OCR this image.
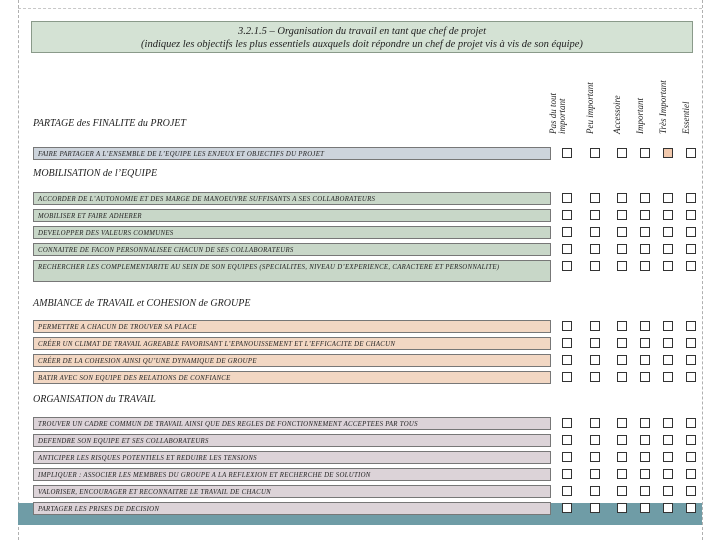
3.2.1.5 – Organisation du travail en tant que chef de projet
(indiquez les objectifs les plus essentiels auxquels doit répondre un chef de projet vis à vis de son équipe)
Pas du tout important Peu important Accessoire Important Très Important Essentiel
PARTAGE des FINALITE du PROJET
FAIRE PARTAGER A L’ENSEMBLE DE L’EQUIPE LES ENJEUX ET OBJECTIFS DU PROJET
MOBILISATION de l’EQUIPE
ACCORDER DE L’AUTONOMIE ET DES MARGE DE MANOEUVRE SUFFISANTS A SES COLLABORATEURS
MOBILISER ET FAIRE ADHERER
DEVELOPPER DES VALEURS COMMUNES
CONNAITRE DE FACON PERSONNALISEE CHACUN DE SES COLLABORATEURS
RECHERCHER LES COMPLEMENTARITE AU SEIN DE SON EQUIPES (SPECIALITES, NIVEAU D’EXPERIENCE, CARACTERE ET PERSONNALITE)
AMBIANCE de TRAVAIL et COHESION de GROUPE
PERMETTRE A CHACUN DE TROUVER SA PLACE
CRÉER UN CLIMAT DE TRAVAIL AGREABLE FAVORISANT L’EPANOUISSEMENT ET L’EFFICACITE DE CHACUN
CRÉER DE LA COHESION AINSI QU’UNE DYNAMIQUE DE GROUPE
BATIR AVEC SON EQUIPE DES RELATIONS DE CONFIANCE
ORGANISATION du TRAVAIL
TROUVER UN CADRE COMMUN DE TRAVAIL AINSI QUE DES REGLES DE FONCTIONNEMENT ACCEPTEES PAR TOUS
DEFENDRE SON EQUIPE ET SES COLLABORATEURS
ANTICIPER LES RISQUES POTENTIELS ET REDUIRE LES TENSIONS
IMPLIQUER : ASSOCIER LES MEMBRES DU GROUPE A LA REFLEXION ET RECHERCHE DE SOLUTION
VALORISER, ENCOURAGER ET RECONNAITRE LE TRAVAIL DE CHACUN
PARTAGER LES PRISES DE DECISION
